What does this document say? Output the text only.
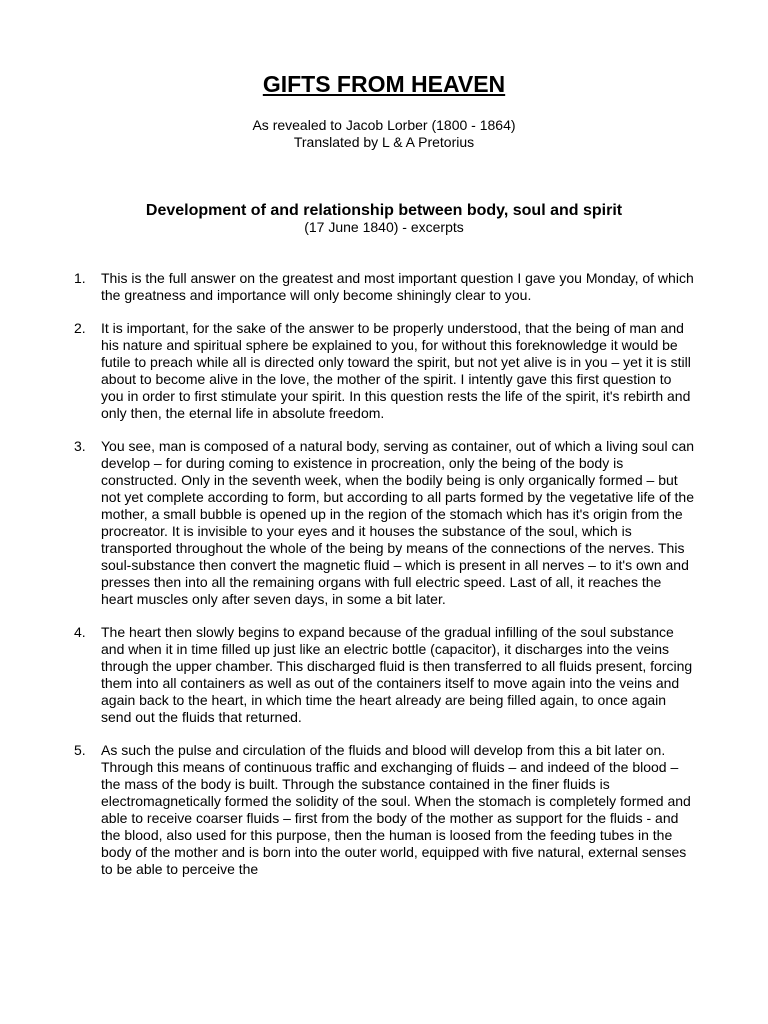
GIFTS FROM HEAVEN
As revealed to Jacob Lorber (1800 - 1864)
Translated by L & A Pretorius
Development of and relationship between body, soul and spirit
(17 June 1840) - excerpts
1. This is the full answer on the greatest and most important question I gave you Monday, of which the greatness and importance will only become shiningly clear to you.
2. It is important, for the sake of the answer to be properly understood, that the being of man and his nature and spiritual sphere be explained to you, for without this foreknowledge it would be futile to preach while all is directed only toward the spirit, but not yet alive is in you – yet it is still about to become alive in the love, the mother of the spirit. I intently gave this first question to you in order to first stimulate your spirit. In this question rests the life of the spirit, it's rebirth and only then, the eternal life in absolute freedom.
3. You see, man is composed of a natural body, serving as container, out of which a living soul can develop – for during coming to existence in procreation, only the being of the body is constructed. Only in the seventh week, when the bodily being is only organically formed – but not yet complete according to form, but according to all parts formed by the vegetative life of the mother, a small bubble is opened up in the region of the stomach which has it's origin from the procreator. It is invisible to your eyes and it houses the substance of the soul, which is transported throughout the whole of the being by means of the connections of the nerves. This soul-substance then convert the magnetic fluid – which is present in all nerves – to it's own and presses then into all the remaining organs with full electric speed. Last of all, it reaches the heart muscles only after seven days, in some a bit later.
4. The heart then slowly begins to expand because of the gradual infilling of the soul substance and when it in time filled up just like an electric bottle (capacitor), it discharges into the veins through the upper chamber. This discharged fluid is then transferred to all fluids present, forcing them into all containers as well as out of the containers itself to move again into the veins and again back to the heart, in which time the heart already are being filled again, to once again send out the fluids that returned.
5. As such the pulse and circulation of the fluids and blood will develop from this a bit later on. Through this means of continuous traffic and exchanging of fluids – and indeed of the blood – the mass of the body is built. Through the substance contained in the finer fluids is electromagnetically formed the solidity of the soul. When the stomach is completely formed and able to receive coarser fluids – first from the body of the mother as support for the fluids - and the blood, also used for this purpose, then the human is loosed from the feeding tubes in the body of the mother and is born into the outer world, equipped with five natural, external senses to be able to perceive the
